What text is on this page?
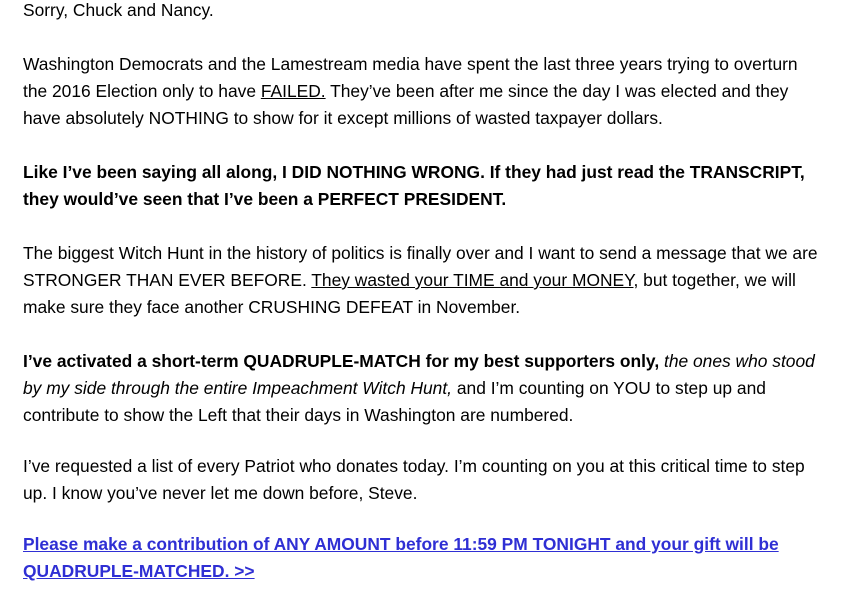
Sorry, Chuck and Nancy.

Washington Democrats and the Lamestream media have spent the last three years trying to overturn the 2016 Election only to have FAILED. They’ve been after me since the day I was elected and they have absolutely NOTHING to show for it except millions of wasted taxpayer dollars.

Like I’ve been saying all along, I DID NOTHING WRONG. If they had just read the TRANSCRIPT, they would’ve seen that I’ve been a PERFECT PRESIDENT.

The biggest Witch Hunt in the history of politics is finally over and I want to send a message that we are STRONGER THAN EVER BEFORE. They wasted your TIME and your MONEY, but together, we will make sure they face another CRUSHING DEFEAT in November.

I’ve activated a short-term QUADRUPLE-MATCH for my best supporters only, the ones who stood by my side through the entire Impeachment Witch Hunt, and I’m counting on YOU to step up and contribute to show the Left that their days in Washington are numbered.

I’ve requested a list of every Patriot who donates today. I’m counting on you at this critical time to step up. I know you’ve never let me down before, Steve.

Please make a contribution of ANY AMOUNT before 11:59 PM TONIGHT and your gift will be QUADRUPLE-MATCHED. >>
